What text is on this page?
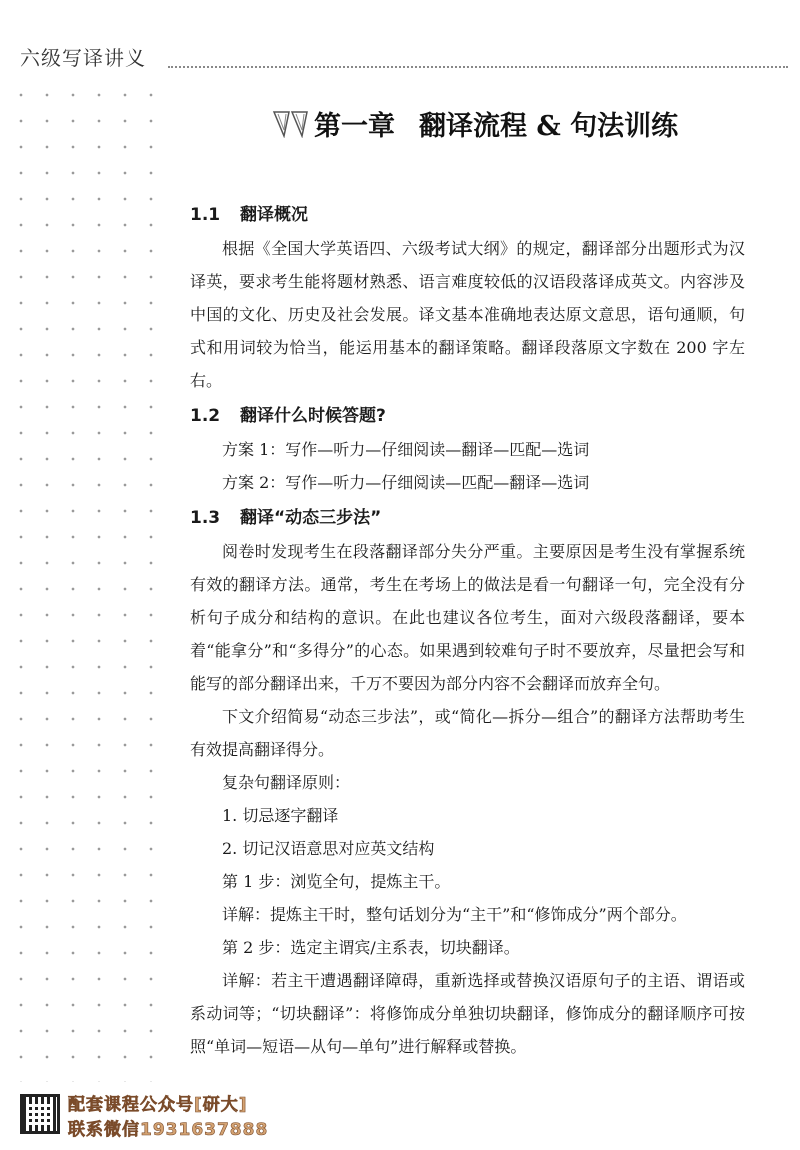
六级写译讲义
第一章 翻译流程 & 句法训练
1.1 翻译概况

根据《全国大学英语四、六级考试大纲》的规定，翻译部分出题形式为汉译英，要求考生能将题材熟悉、语言难度较低的汉语段落译成英文。内容涉及中国的文化、历史及社会发展。译文基本准确地表达原文意思，语句通顺，句式和用词较为恰当，能运用基本的翻译策略。翻译段落原文字数在 200 字左右。

1.2 翻译什么时候答题?

方案 1：写作—听力—仔细阅读—翻译—匹配—选词

方案 2：写作—听力—仔细阅读—匹配—翻译—选词

1.3 翻译“动态三步法”

阅卷时发现考生在段落翻译部分失分严重。主要原因是考生没有掌握系统有效的翻译方法。通常，考生在考场上的做法是看一句翻译一句，完全没有分析句子成分和结构的意识。在此也建议各位考生，面对六级段落翻译，要本着“能拿分”和“多得分”的心态。如果遇到较难句子时不要放弃，尽量把会写和能写的部分翻译出来，千万不要因为部分内容不会翻译而放弃全句。

下文介绍简易“动态三步法”，或“简化—拆分—组合”的翻译方法帮助考生有效提高翻译得分。

复杂句翻译原则：

1. 切忌逐字翻译

2. 切记汉语意思对应英文结构

第 1 步：浏览全句，提炼主干。

详解：提炼主干时，整句话划分为“主干”和“修饰成分”两个部分。

第 2 步：选定主谓宾/主系表，切块翻译。

详解：若主干遭遇翻译障碍，重新选择或替换汉语原句子的主语、谓语或系动词等；“切块翻译”：将修饰成分单独切块翻译，修饰成分的翻译顺序可按照“单词—短语—从句—单句”进行解释或替换。

配套课程公众号[研大]
联系微信1931637888
